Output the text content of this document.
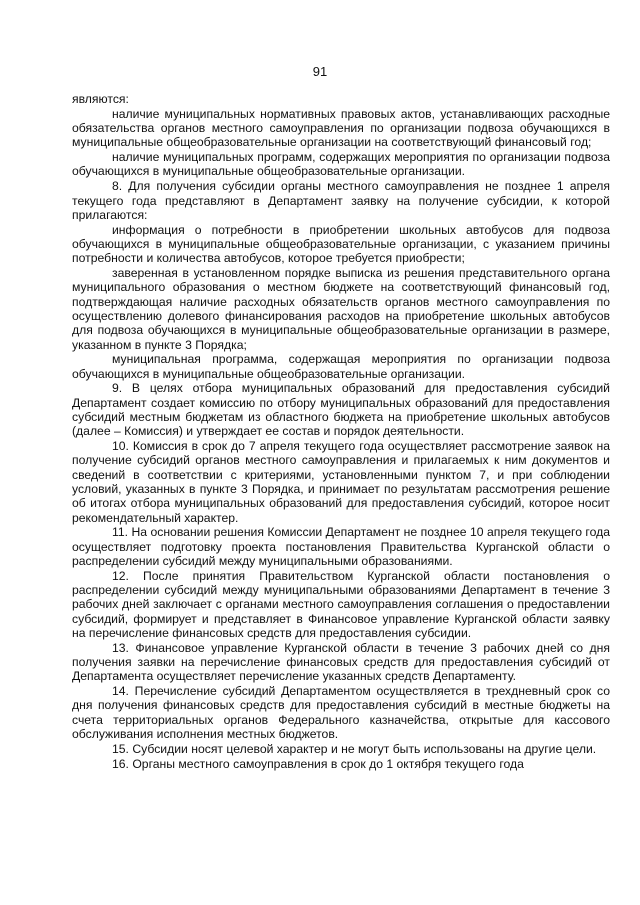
91

являются:

наличие муниципальных нормативных правовых актов, устанавливающих расходные обязательства органов местного самоуправления по организации подвоза обучающихся в муниципальные общеобразовательные организации на соответствующий финансовый год;

наличие муниципальных программ, содержащих мероприятия по организации подвоза обучающихся в муниципальные общеобразовательные организации.

8. Для получения субсидии органы местного самоуправления не позднее 1 апреля текущего года представляют в Департамент заявку на получение субсидии, к которой прилагаются:

информация о потребности в приобретении школьных автобусов для подвоза обучающихся в муниципальные общеобразовательные организации, с указанием причины потребности и количества автобусов, которое требуется приобрести;

заверенная в установленном порядке выписка из решения представительного органа муниципального образования о местном бюджете на соответствующий финансовый год, подтверждающая наличие расходных обязательств органов местного самоуправления по осуществлению долевого финансирования расходов на приобретение школьных автобусов для подвоза обучающихся в муниципальные общеобразовательные организации в размере, указанном в пункте 3 Порядка;

муниципальная программа, содержащая мероприятия по организации подвоза обучающихся в муниципальные общеобразовательные организации.

9. В целях отбора муниципальных образований для предоставления субсидий Департамент создает комиссию по отбору муниципальных образований для предоставления субсидий местным бюджетам из областного бюджета на приобретение школьных автобусов (далее – Комиссия) и утверждает ее состав и порядок деятельности.

10. Комиссия в срок до 7 апреля текущего года осуществляет рассмотрение заявок на получение субсидий органов местного самоуправления и прилагаемых к ним документов и сведений в соответствии с критериями, установленными пунктом 7, и при соблюдении условий, указанных в пункте 3 Порядка, и принимает по результатам рассмотрения решение об итогах отбора муниципальных образований для предоставления субсидий, которое носит рекомендательный характер.

11. На основании решения Комиссии Департамент не позднее 10 апреля текущего года осуществляет подготовку проекта постановления Правительства Курганской области о распределении субсидий между муниципальными образованиями.

12. После принятия Правительством Курганской области постановления о распределении субсидий между муниципальными образованиями Департамент в течение 3 рабочих дней заключает с органами местного самоуправления соглашения о предоставлении субсидий, формирует и представляет в Финансовое управление Курганской области заявку на перечисление финансовых средств для предоставления субсидии.

13. Финансовое управление Курганской области в течение 3 рабочих дней со дня получения заявки на перечисление финансовых средств для предоставления субсидий от Департамента осуществляет перечисление указанных средств Департаменту.

14. Перечисление субсидий Департаментом осуществляется в трехдневный срок со дня получения финансовых средств для предоставления субсидий в местные бюджеты на счета территориальных органов Федерального казначейства, открытые для кассового обслуживания исполнения местных бюджетов.

15. Субсидии носят целевой характер и не могут быть использованы на другие цели.

16. Органы местного самоуправления в срок до 1 октября текущего года
